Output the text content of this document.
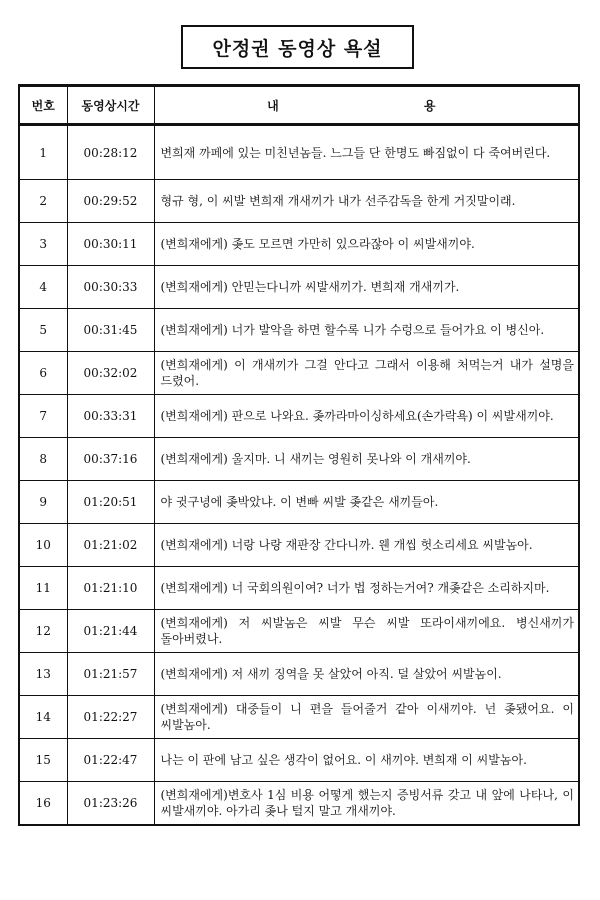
안정권 동영상 욕설
번호	동영상시간	내 용

1	00:28:12	변희재 까페에 있는 미친년놈들. 느그들 단 한명도 빠짐없이 다 죽여버린다.
2	00:29:52	형규 형, 이 씨발 변희재 개새끼가 내가 선주감독을 한게 거짓말이래.
3	00:30:11	(변희재에게) 좆도 모르면 가만히 있으라잖아 이 씨발새끼야.
4	00:30:33	(변희재에게) 안믿는다니까 씨발새끼가. 변희재 개새끼가.
5	00:31:45	(변희재에게) 너가 발악을 하면 할수록 니가 수렁으로 들어가요 이 병신아.
6	00:32:02	(변희재에게) 이 개새끼가 그걸 안다고 그래서 이용해 처먹는거 내가 설명을 드렸어.
7	00:33:31	(변희재에게) 판으로 나와요. 좆까라마이싱하세요(손가락욕) 이 씨발새끼야.
8	00:37:16	(변희재에게) 울지마. 니 새끼는 영원히 못나와 이 개새끼야.
9	01:20:51	야 귓구녕에 좆박았냐. 이 변빠 씨발 좆같은 새끼들아.
10	01:21:02	(변희재에게) 너랑 나랑 재판장 간다니까. 웬 개씹 헛소리세요 씨발놈아.
11	01:21:10	(변희재에게) 너 국회의원이여? 너가 법 정하는거여? 개좆같은 소리하지마.
12	01:21:44	(변희재에게) 저 씨발놈은 씨발 무슨 씨발 또라이새끼에요. 병신새끼가 돌아버렸나.
13	01:21:57	(변희재에게) 저 새끼 징역을 못 살았어 아직. 덜 살았어 씨발놈이.
14	01:22:27	(변희재에게) 대중들이 니 편을 들어줄거 같아 이새끼야. 넌 좆됐어요. 이 씨발놈아.
15	01:22:47	나는 이 판에 남고 싶은 생각이 없어요. 이 새끼야. 변희재 이 씨발놈아.
16	01:23:26	(변희재에게)변호사 1심 비용 어떻게 했는지 증빙서류 갖고 내 앞에 나타나, 이 씨발새끼야. 아가리 좆나 털지 말고 개새끼야.
